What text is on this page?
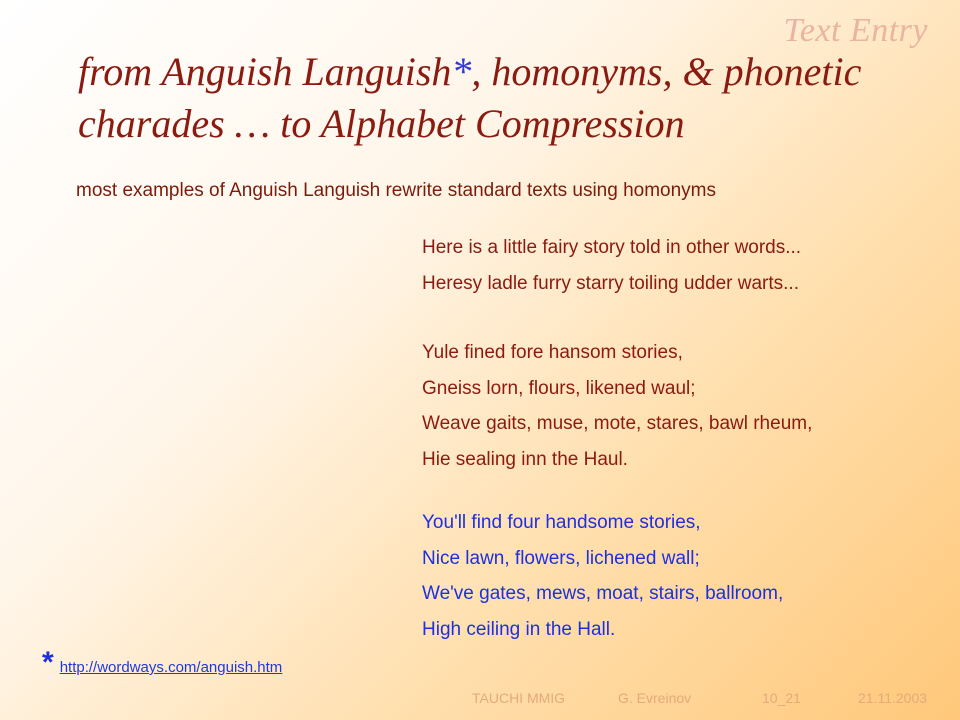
Text Entry
from Anguish Languish*, homonyms, & phonetic charades … to Alphabet Compression
most examples of Anguish Languish rewrite standard texts using homonyms
Here is a little fairy story told in other words...
Heresy ladle furry starry toiling udder warts...
Yule fined fore hansom stories,
Gneiss lorn, flours, likened waul;
Weave gaits, muse, mote, stares, bawl rheum,
Hie sealing inn the Haul.
You'll find four handsome stories,
Nice lawn, flowers, lichened wall;
We've gates, mews, moat, stairs, ballroom,
High ceiling in the Hall.
* http://wordways.com/anguish.htm
TAUCHI MMIG	G. Evreinov	10_21	21.11.2003
